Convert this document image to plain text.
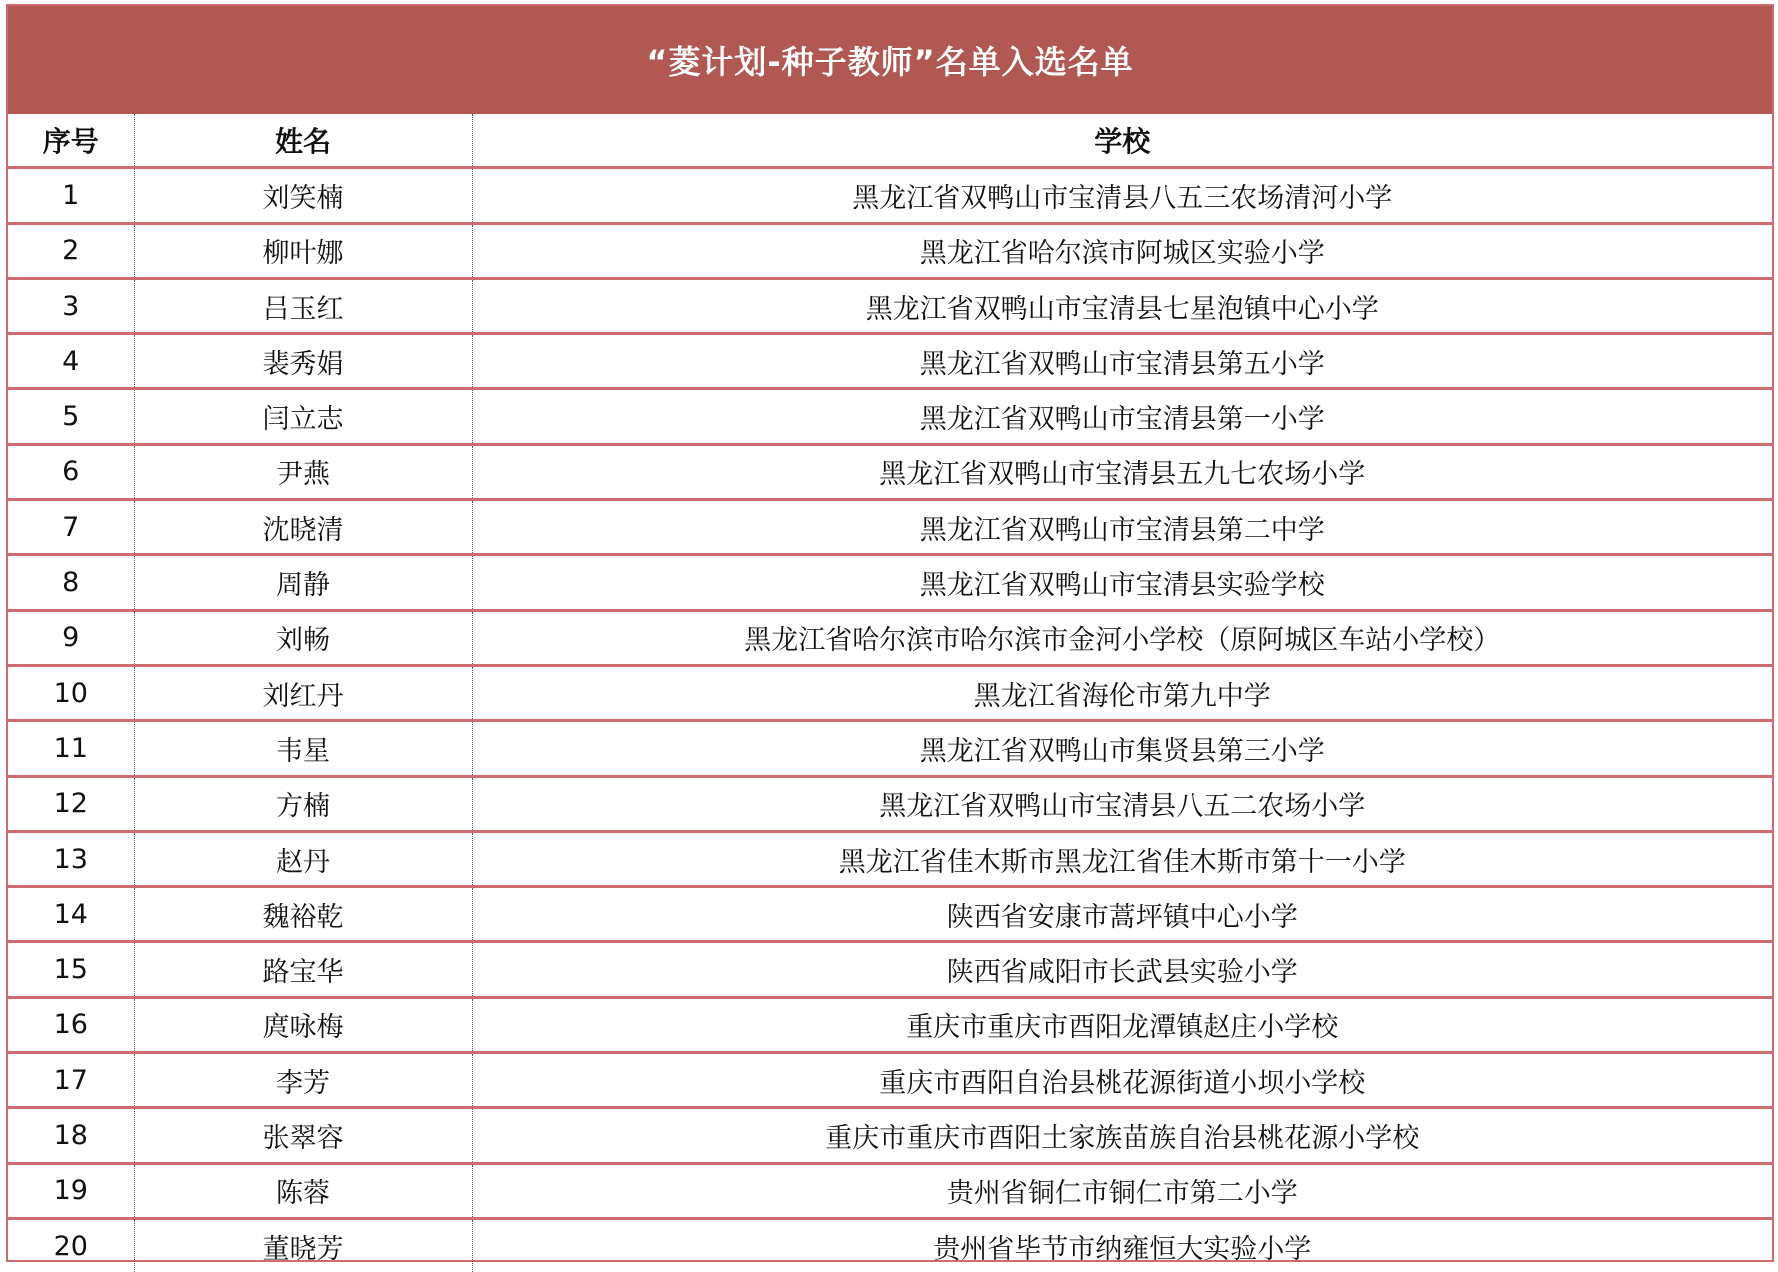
“菱计划-种子教师”名单入选名单
序号	姓名	学校
1	刘笑楠	黑龙江省双鸭山市宝清县八五三农场清河小学
2	柳叶娜	黑龙江省哈尔滨市阿城区实验小学
3	吕玉红	黑龙江省双鸭山市宝清县七星泡镇中心小学
4	裴秀娟	黑龙江省双鸭山市宝清县第五小学
5	闫立志	黑龙江省双鸭山市宝清县第一小学
6	尹燕	黑龙江省双鸭山市宝清县五九七农场小学
7	沈晓清	黑龙江省双鸭山市宝清县第二中学
8	周静	黑龙江省双鸭山市宝清县实验学校
9	刘畅	黑龙江省哈尔滨市哈尔滨市金河小学校（原阿城区车站小学校）
10	刘红丹	黑龙江省海伦市第九中学
11	韦星	黑龙江省双鸭山市集贤县第三小学
12	方楠	黑龙江省双鸭山市宝清县八五二农场小学
13	赵丹	黑龙江省佳木斯市黑龙江省佳木斯市第十一小学
14	魏裕乾	陕西省安康市蒿坪镇中心小学
15	路宝华	陕西省咸阳市长武县实验小学
16	庹咏梅	重庆市重庆市酉阳龙潭镇赵庄小学校
17	李芳	重庆市酉阳自治县桃花源街道小坝小学校
18	张翠容	重庆市重庆市酉阳土家族苗族自治县桃花源小学校
19	陈蓉	贵州省铜仁市铜仁市第二小学
20	董晓芳	贵州省毕节市纳雍恒大实验小学
